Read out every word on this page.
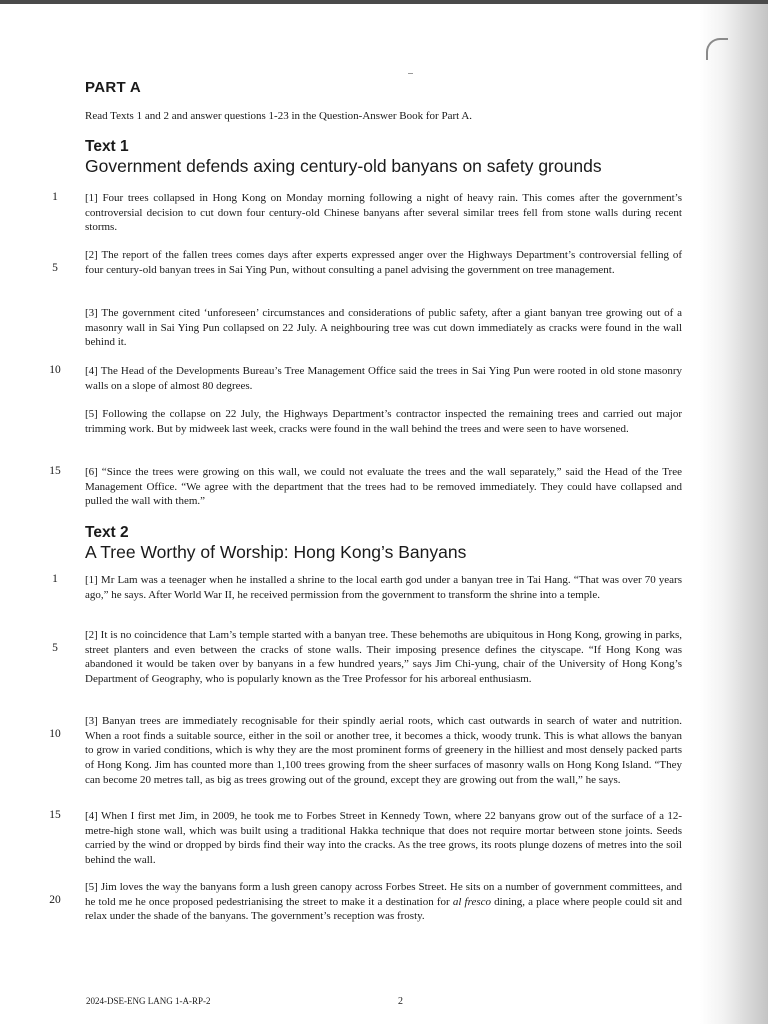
PART A
Read Texts 1 and 2 and answer questions 1-23 in the Question-Answer Book for Part A.
Text 1
Government defends axing century-old banyans on safety grounds
[1] Four trees collapsed in Hong Kong on Monday morning following a night of heavy rain. This comes after the government’s controversial decision to cut down four century-old Chinese banyans after several similar trees fell from stone walls during recent storms.
[2] The report of the fallen trees comes days after experts expressed anger over the Highways Department’s controversial felling of four century-old banyan trees in Sai Ying Pun, without consulting a panel advising the government on tree management.
[3] The government cited ‘unforeseen’ circumstances and considerations of public safety, after a giant banyan tree growing out of a masonry wall in Sai Ying Pun collapsed on 22 July. A neighbouring tree was cut down immediately as cracks were found in the wall behind it.
[4] The Head of the Developments Bureau’s Tree Management Office said the trees in Sai Ying Pun were rooted in old stone masonry walls on a slope of almost 80 degrees.
[5] Following the collapse on 22 July, the Highways Department’s contractor inspected the remaining trees and carried out major trimming work. But by midweek last week, cracks were found in the wall behind the trees and were seen to have worsened.
[6] “Since the trees were growing on this wall, we could not evaluate the trees and the wall separately,” said the Head of the Tree Management Office. “We agree with the department that the trees had to be removed immediately. They could have collapsed and pulled the wall with them.”
1
5
10
15
Text 2
A Tree Worthy of Worship: Hong Kong’s Banyans
[1] Mr Lam was a teenager when he installed a shrine to the local earth god under a banyan tree in Tai Hang. “That was over 70 years ago,” he says. After World War II, he received permission from the government to transform the shrine into a temple.
[2] It is no coincidence that Lam’s temple started with a banyan tree. These behemoths are ubiquitous in Hong Kong, growing in parks, street planters and even between the cracks of stone walls. Their imposing presence defines the cityscape. “If Hong Kong was abandoned it would be taken over by banyans in a few hundred years,” says Jim Chi-yung, chair of the University of Hong Kong’s Department of Geography, who is popularly known as the Tree Professor for his arboreal enthusiasm.
[3] Banyan trees are immediately recognisable for their spindly aerial roots, which cast outwards in search of water and nutrition. When a root finds a suitable source, either in the soil or another tree, it becomes a thick, woody trunk. This is what allows the banyan to grow in varied conditions, which is why they are the most prominent forms of greenery in the hilliest and most densely packed parts of Hong Kong. Jim has counted more than 1,100 trees growing from the sheer surfaces of masonry walls on Hong Kong Island. “They can become 20 metres tall, as big as trees growing out of the ground, except they are growing out from the wall,” he says.
[4] When I first met Jim, in 2009, he took me to Forbes Street in Kennedy Town, where 22 banyans grow out of the surface of a 12-metre-high stone wall, which was built using a traditional Hakka technique that does not require mortar between stone joints. Seeds carried by the wind or dropped by birds find their way into the cracks. As the tree grows, its roots plunge dozens of metres into the soil behind the wall.
[5] Jim loves the way the banyans form a lush green canopy across Forbes Street. He sits on a number of government committees, and he told me he once proposed pedestrianising the street to make it a destination for al fresco dining, a place where people could sit and relax under the shade of the banyans. The government’s reception was frosty.
1
5
10
15
20
2024-DSE-ENG LANG 1-A-RP-2	2
